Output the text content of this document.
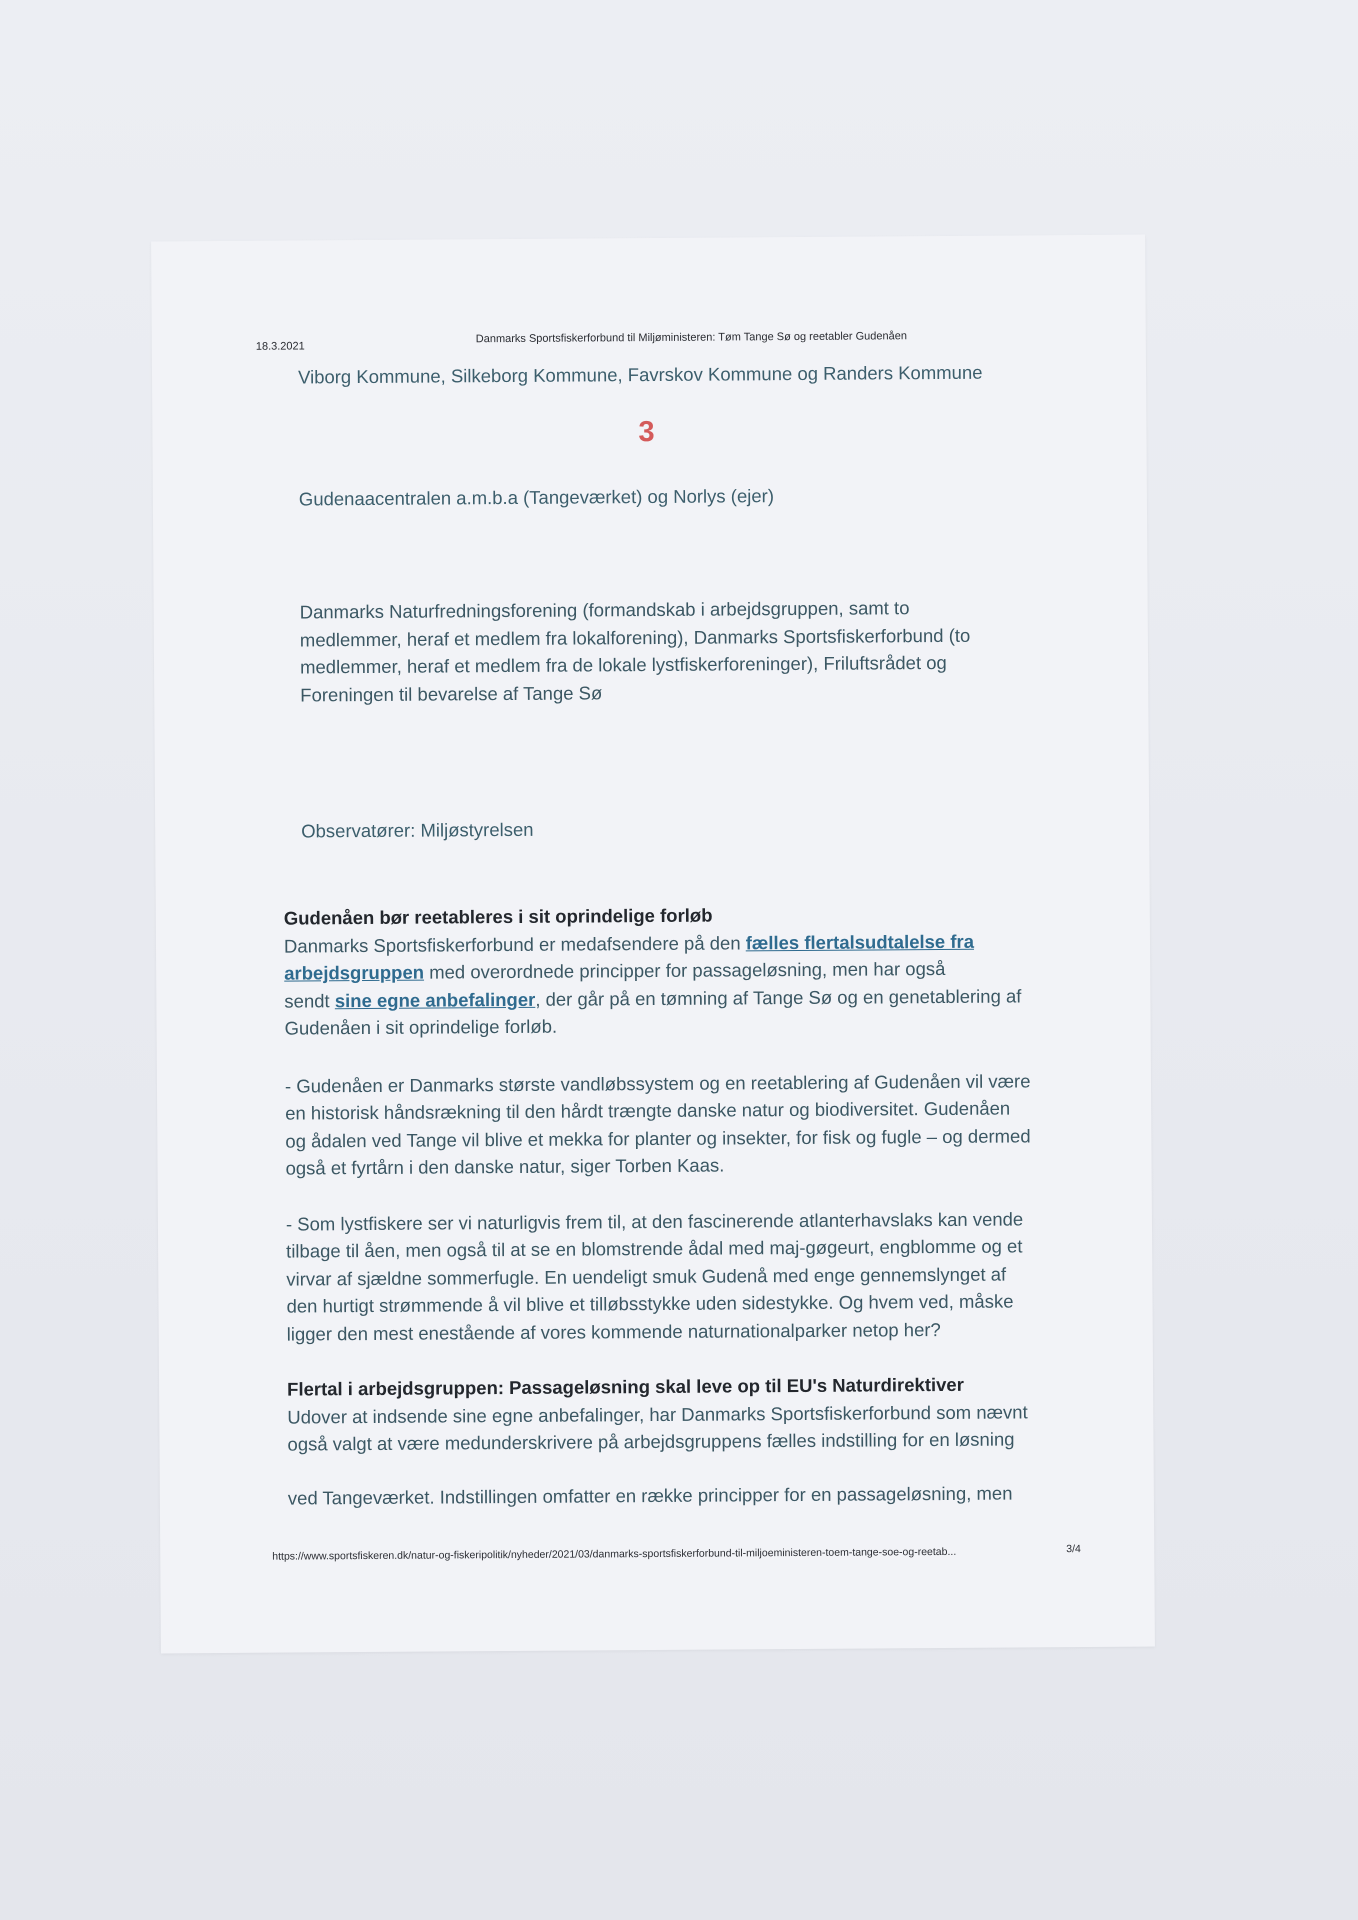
18.3.2021
Danmarks Sportsfiskerforbund til Miljøministeren: Tøm Tange Sø og reetabler Gudenåen
Viborg Kommune, Silkeborg Kommune, Favrskov Kommune og Randers Kommune
3
Gudenaacentralen a.m.b.a (Tangeværket) og Norlys (ejer)

Danmarks Naturfredningsforening (formandskab i arbejdsgruppen, samt to

medlemmer, heraf et medlem fra lokalforening), Danmarks Sportsfiskerforbund (to

medlemmer, heraf et medlem fra de lokale lystfiskerforeninger), Friluftsrådet og

Foreningen til bevarelse af Tange Sø

Observatører: Miljøstyrelsen

Gudenåen bør reetableres i sit oprindelige forløb

Danmarks Sportsfiskerforbund er medafsendere på den fælles flertalsudtalelse fra

arbejdsgruppen med overordnede principper for passageløsning, men har også

sendt sine egne anbefalinger, der går på en tømning af Tange Sø og en genetablering af

Gudenåen i sit oprindelige forløb.

- Gudenåen er Danmarks største vandløbssystem og en reetablering af Gudenåen vil være

en historisk håndsrækning til den hårdt trængte danske natur og biodiversitet. Gudenåen

og ådalen ved Tange vil blive et mekka for planter og insekter, for fisk og fugle – og dermed

også et fyrtårn i den danske natur, siger Torben Kaas.

- Som lystfiskere ser vi naturligvis frem til, at den fascinerende atlanterhavslaks kan vende

tilbage til åen, men også til at se en blomstrende ådal med maj-gøgeurt, engblomme og et

virvar af sjældne sommerfugle. En uendeligt smuk Gudenå med enge gennemslynget af

den hurtigt strømmende å vil blive et tilløbsstykke uden sidestykke. Og hvem ved, måske

ligger den mest enestående af vores kommende naturnationalparker netop her?

Flertal i arbejdsgruppen: Passageløsning skal leve op til EU's Naturdirektiver

Udover at indsende sine egne anbefalinger, har Danmarks Sportsfiskerforbund som nævnt

også valgt at være medunderskrivere på arbejdsgruppens fælles indstilling for en løsning

ved Tangeværket. Indstillingen omfatter en række principper for en passageløsning, men

https://www.sportsfiskeren.dk/natur-og-fiskeripolitik/nyheder/2021/03/danmarks-sportsfiskerforbund-til-miljoeministeren-toem-tange-soe-og-reetab...	3/4
